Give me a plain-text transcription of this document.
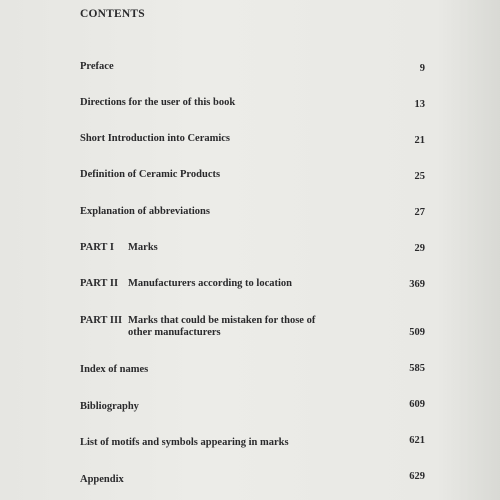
CONTENTS
Preface	9
Directions for the user of this book	13
Short Introduction into Ceramics	21
Definition of Ceramic Products	25
Explanation of abbreviations	27
PART I Marks	29
PART II Manufacturers according to location	369
PART III Marks that could be mistaken for those of
other manufacturers	509
Index of names	585
Bibliography	609
List of motifs and symbols appearing in marks	621
Appendix	629
